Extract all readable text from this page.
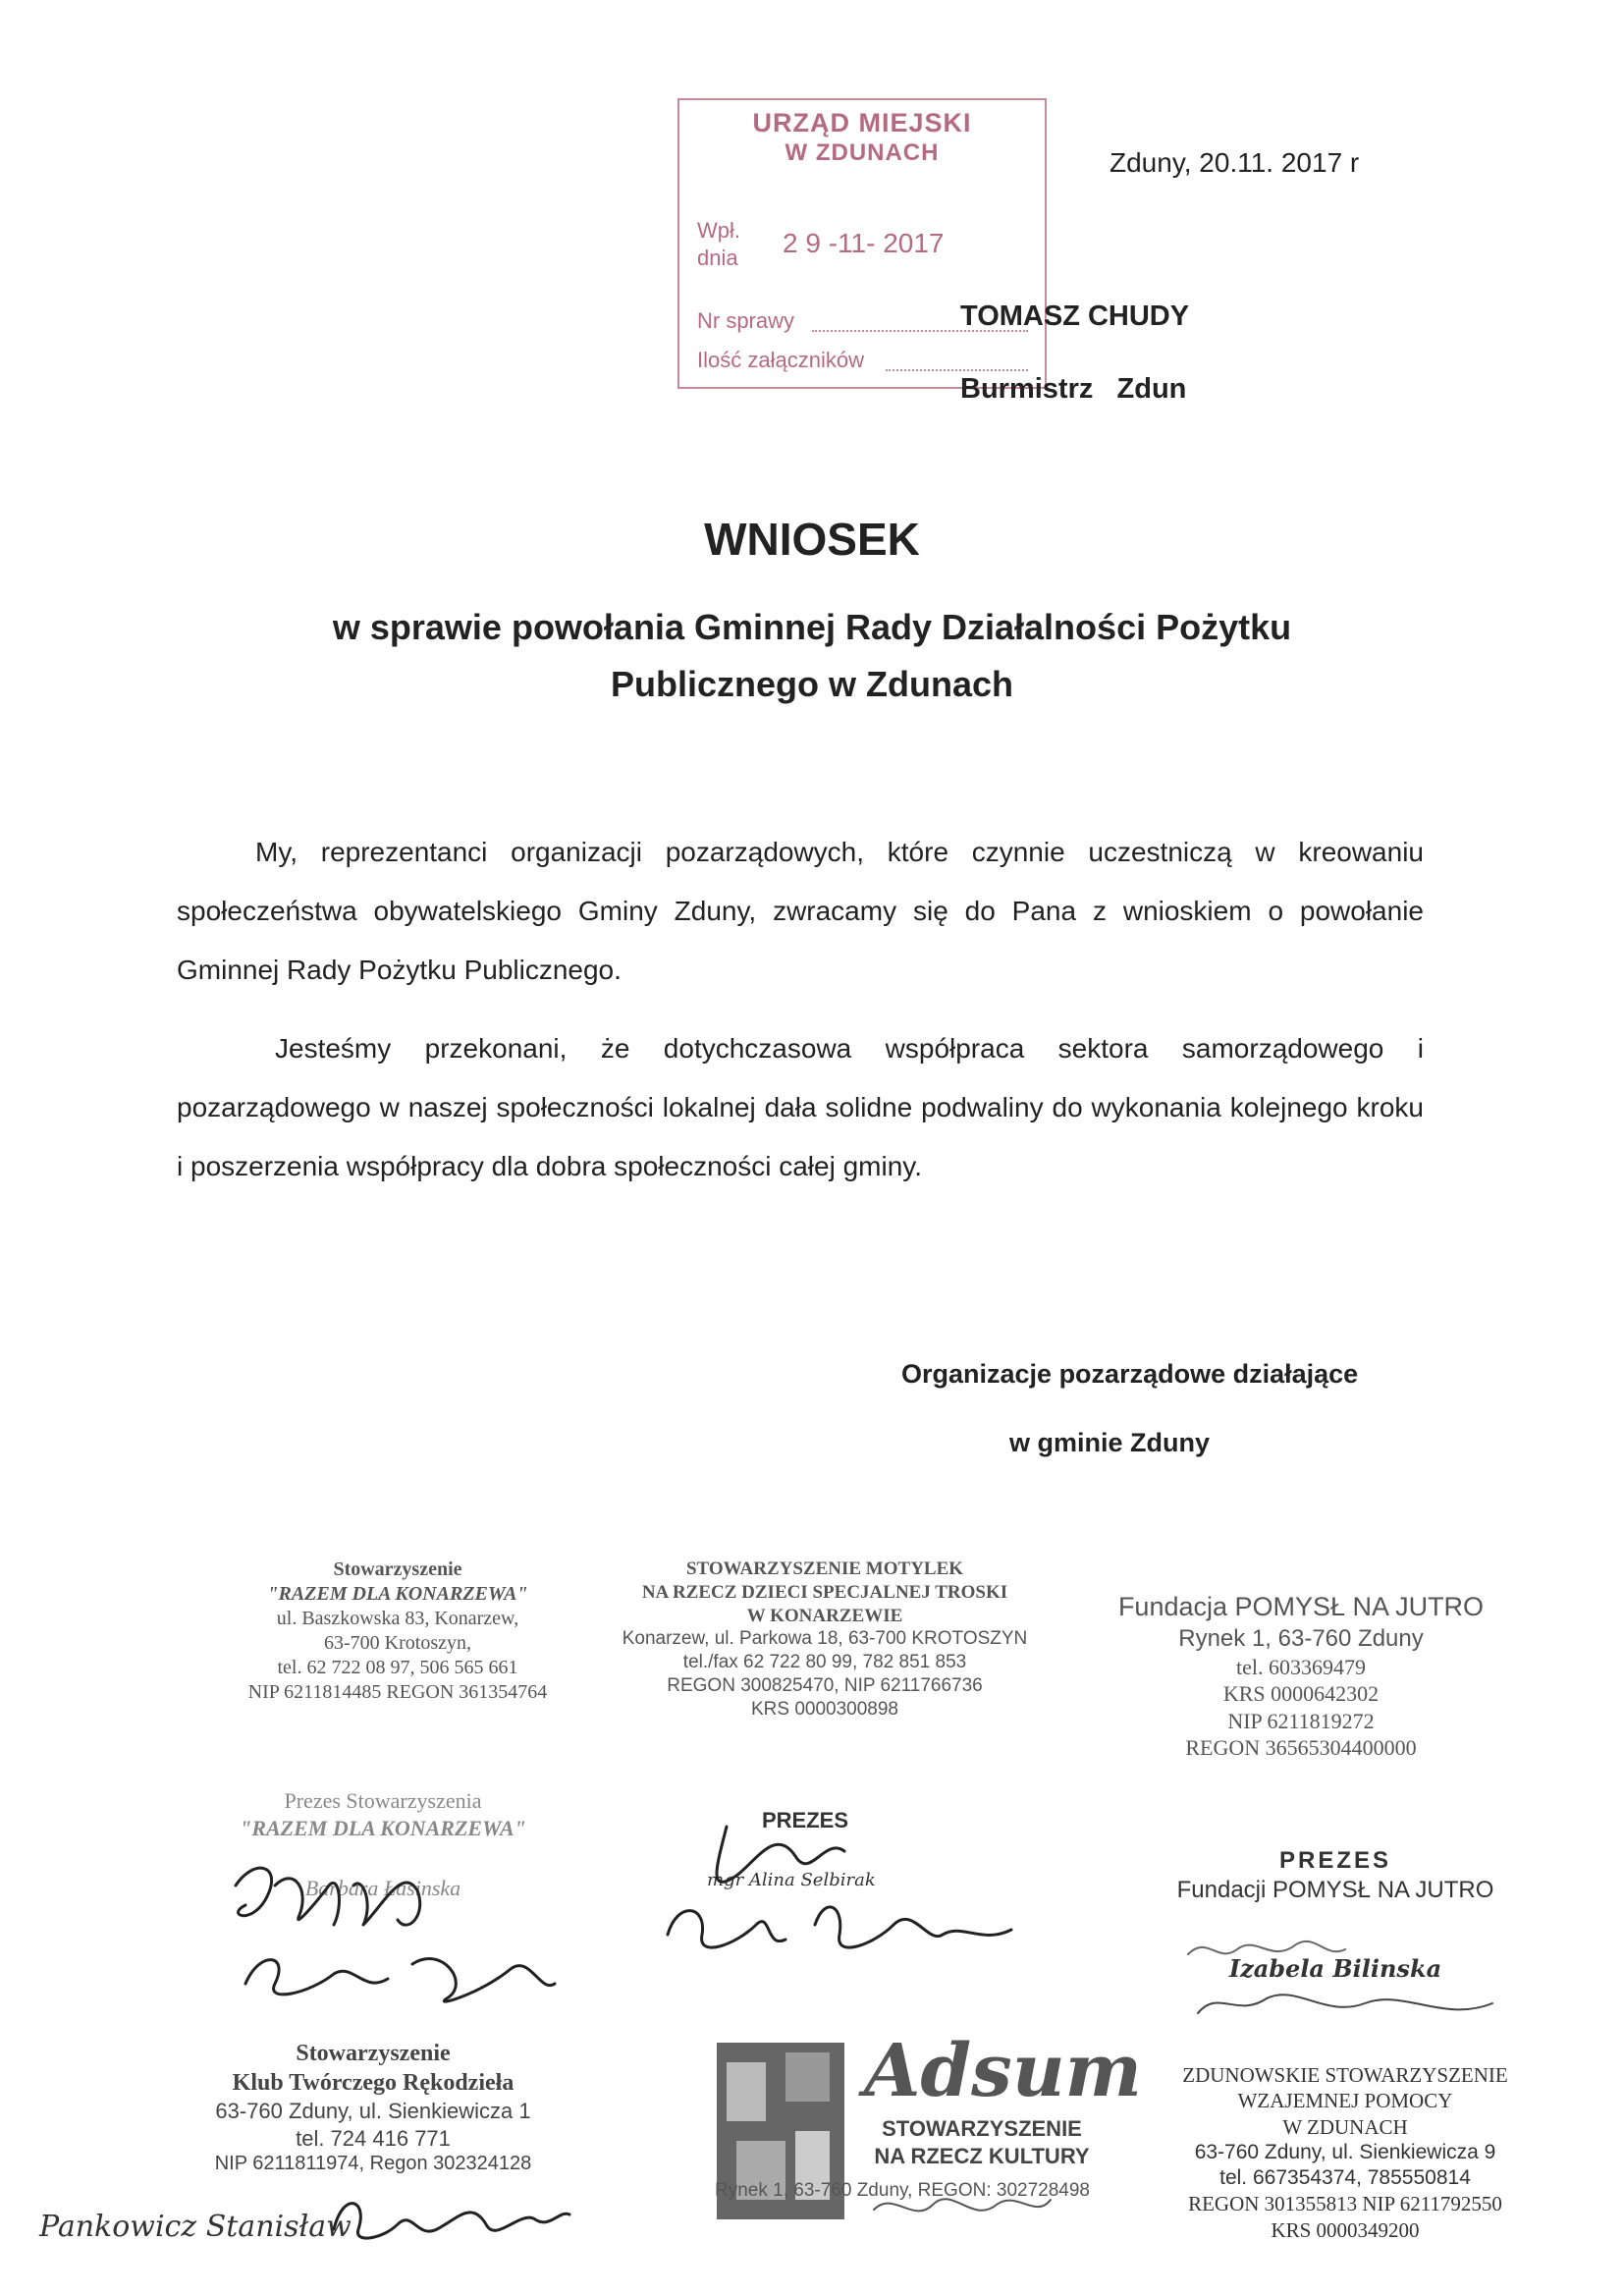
URZĄD MIEJSKI
W ZDUNACH
Wpł.
dnia 2 9 -11- 2017
Nr sprawy
Ilość załączników
Zduny, 20.11. 2017 r
TOMASZ CHUDY
Burmistrz   Zdun
WNIOSEK
w sprawie powołania Gminnej Rady Działalności Pożytku
Publicznego w Zdunach
My, reprezentanci organizacji pozarządowych, które czynnie uczestniczą w kreowaniu społeczeństwa obywatelskiego Gminy Zduny, zwracamy się do Pana z wnioskiem o powołanie Gminnej Rady Pożytku Publicznego.
Jesteśmy przekonani, że dotychczasowa współpraca sektora samorządowego i pozarządowego w naszej społeczności lokalnej dała solidne podwaliny do wykonania kolejnego kroku i poszerzenia współpracy dla dobra społeczności całej gminy.
Organizacje pozarządowe działające
w gminie Zduny
Stowarzyszenie
"RAZEM DLA KONARZEWA"
ul. Baszkowska 83, Konarzew,
63-700 Krotoszyn,
tel. 62 722 08 97, 506 565 661
NIP 6211814485 REGON 361354764
STOWARZYSZENIE MOTYLEK
NA RZECZ DZIECI SPECJALNEJ TROSKI
W KONARZEWIE
Konarzew, ul. Parkowa 18, 63-700 KROTOSZYN
tel./fax 62 722 80 99, 782 851 853
REGON 300825470, NIP 6211766736
KRS 0000300898
Fundacja POMYSŁ NA JUTRO
Rynek 1, 63-760 Zduny
tel. 603369479
KRS 0000642302
NIP 6211819272
REGON 36565304400000
Prezes Stowarzyszenia
"RAZEM DLA KONARZEWA"
Barbara Łasinska
PREZES
mgr Alina Selbirak
PREZES
Fundacji POMYSŁ NA JUTRO
Izabela Bilinska
Stowarzyszenie
Klub Twórczego Rękodzieła
63-760 Zduny, ul. Sienkiewicza 1
tel. 724 416 771
NIP 6211811974, Regon 302324128
Adsum
STOWARZYSZENIE
NA RZECZ KULTURY
Rynek 1, 63-760 Zduny, REGON: 302728498
ZDUNOWSKIE STOWARZYSZENIE
WZAJEMNEJ POMOCY
W ZDUNACH
63-760 Zduny, ul. Sienkiewicza 9
tel. 667354374, 785550814
REGON 301355813 NIP 6211792550
KRS 0000349200
Pankowicz Stanisław
